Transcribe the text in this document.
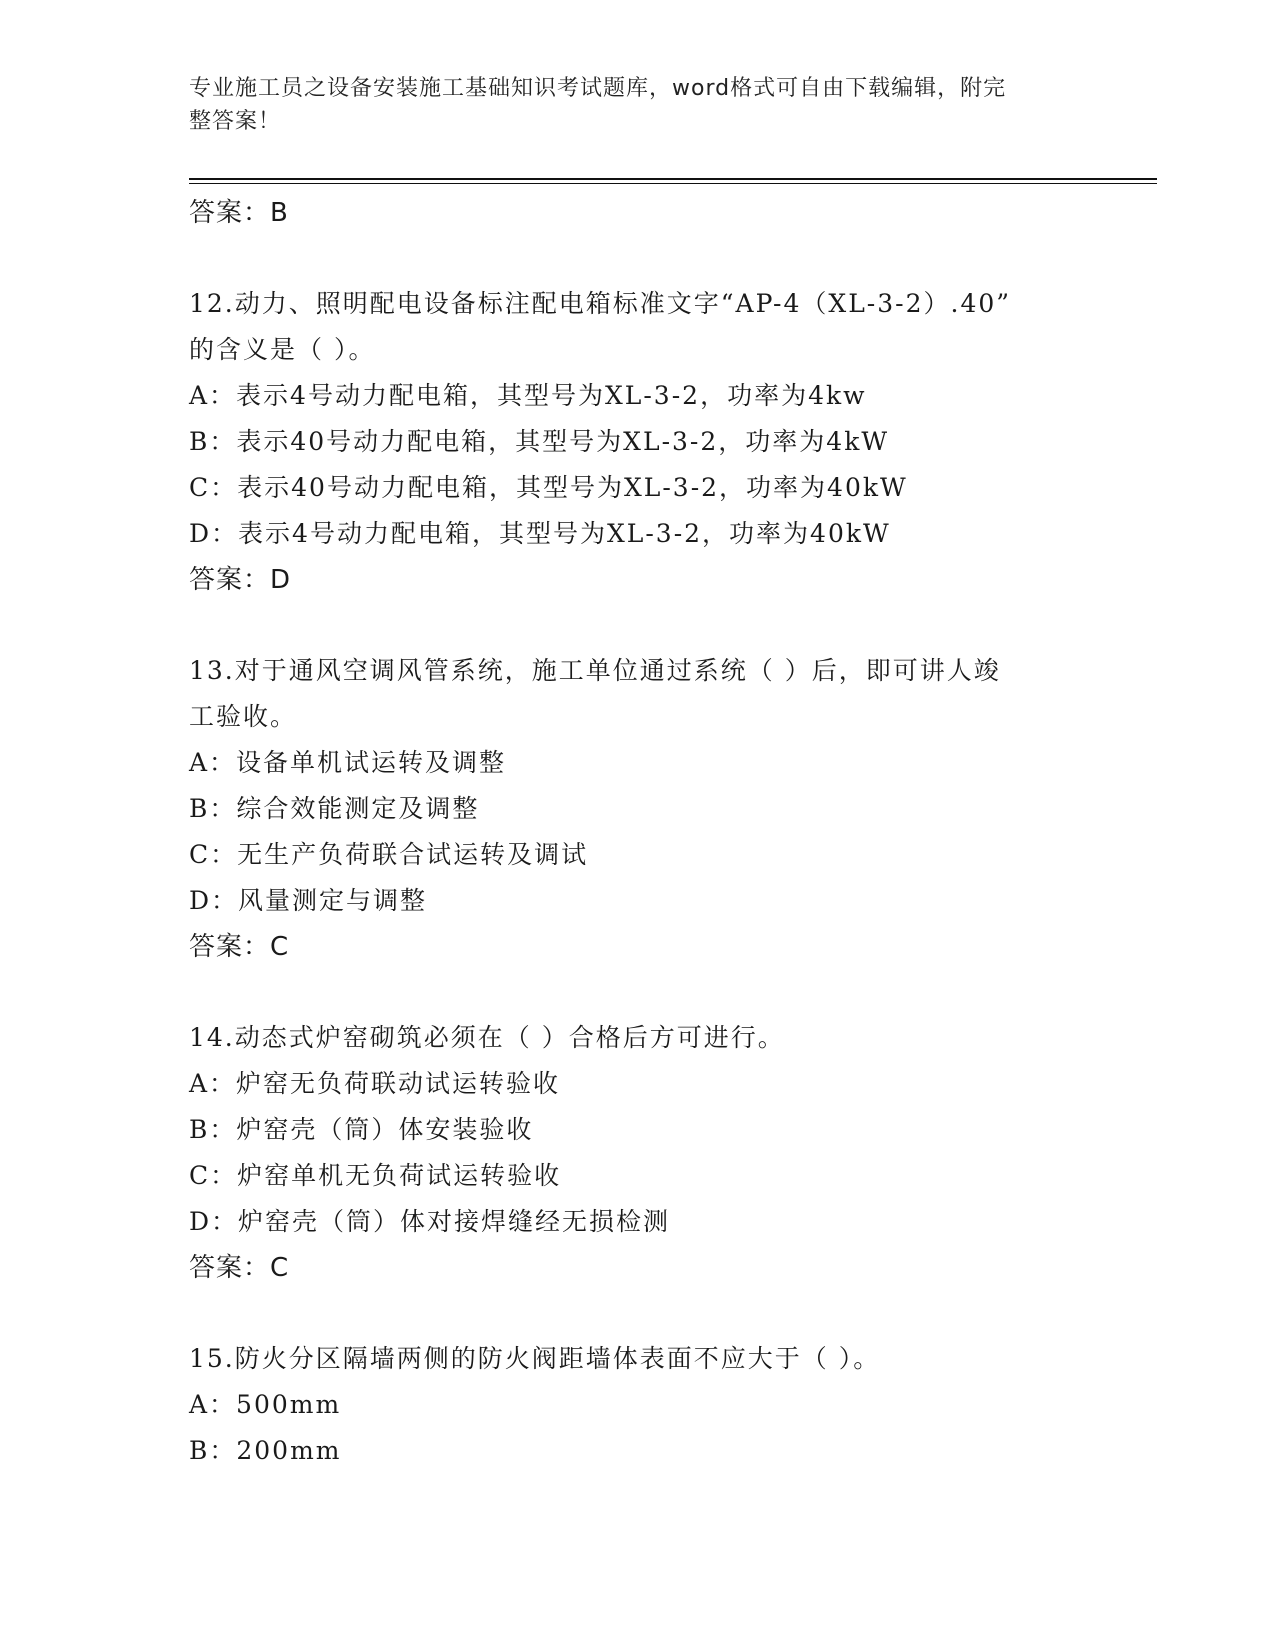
专业施工员之设备安装施工基础知识考试题库，word格式可自由下载编辑，附完
整答案！
答案：B
12.动力、照明配电设备标注配电箱标准文字“AP-4（XL-3-2）.40”
的含义是（ ）。
A：表示4号动力配电箱，其型号为XL-3-2，功率为4kw
B：表示40号动力配电箱，其型号为XL-3-2，功率为4kW
C：表示40号动力配电箱，其型号为XL-3-2，功率为40kW
D：表示4号动力配电箱，其型号为XL-3-2，功率为40kW
答案：D
13.对于通风空调风管系统，施工单位通过系统（ ）后，即可讲人竣
工验收。
A：设备单机试运转及调整
B：综合效能测定及调整
C：无生产负荷联合试运转及调试
D：风量测定与调整
答案：C
14.动态式炉窑砌筑必须在（ ）合格后方可进行。
A：炉窑无负荷联动试运转验收
B：炉窑壳（筒）体安装验收
C：炉窑单机无负荷试运转验收
D：炉窑壳（筒）体对接焊缝经无损检测
答案：C
15.防火分区隔墙两侧的防火阀距墙体表面不应大于（ ）。
A：500mm
B：200mm
